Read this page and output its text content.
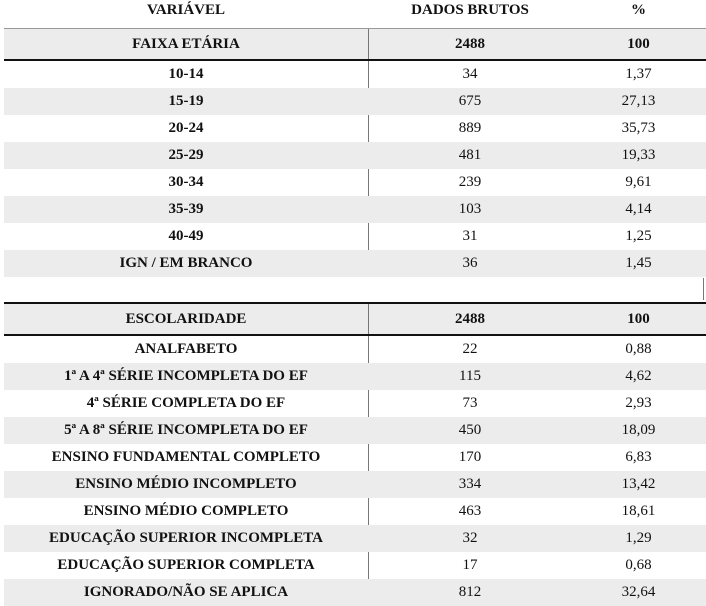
VARIÁVEL	DADOS BRUTOS	%
FAIXA ETÁRIA	2488	100
10-14	34	1,37
15-19	675	27,13
20-24	889	35,73
25-29	481	19,33
30-34	239	9,61
35-39	103	4,14
40-49	31	1,25
IGN / EM BRANCO	36	1,45
ESCOLARIDADE	2488	100
ANALFABETO	22	0,88
1ª A 4ª SÉRIE INCOMPLETA DO EF	115	4,62
4ª SÉRIE COMPLETA DO EF	73	2,93
5ª A 8ª SÉRIE INCOMPLETA DO EF	450	18,09
ENSINO FUNDAMENTAL COMPLETO	170	6,83
ENSINO MÉDIO INCOMPLETO	334	13,42
ENSINO MÉDIO COMPLETO	463	18,61
EDUCAÇÃO SUPERIOR INCOMPLETA	32	1,29
EDUCAÇÃO SUPERIOR COMPLETA	17	0,68
IGNORADO/NÃO SE APLICA	812	32,64
